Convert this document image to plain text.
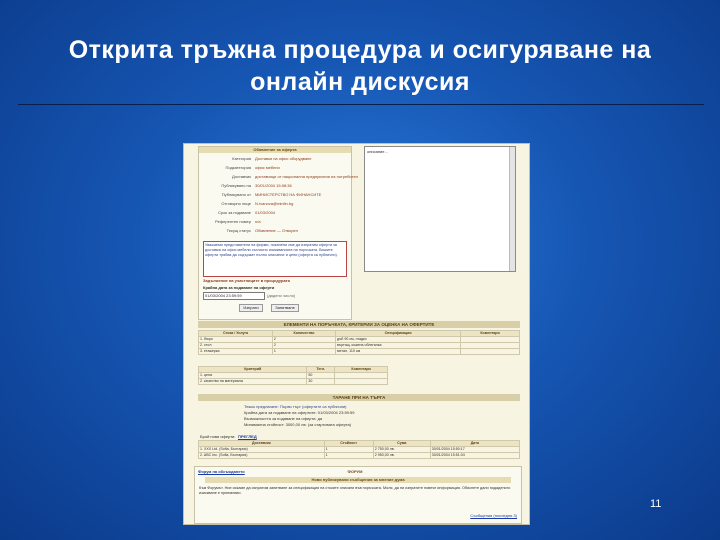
Открита тръжна процедура и осигуряване на
онлайн дискусия
Обявление за оферта
Уважаеми представители на фирми, поканени сме да изпратим оферти за доставка на офис мебели съгласно изискванията на поръчката. Вашите оферти трябва да съдържат пълно описание и цени (оферта са публични).
Задължение на участниците в процедурата
Крайна дата за подаване на оферти
01/03/2004 23:59:59	(дадено число)
Изпрати	Запитване
Категория Доставки на офис оборудване
Подкатегория офис мебели
Доставчик доставчици от национална предприятия на потребител
Публикувано на 30/01/2004 15:08:36
Публикувано от МИНИСТЕРСТВО НА ФИНАНСИТЕ
Отговорно лице N.Ivanova@minfin.bg
Срок за подаване 01/03/2004
Референтен номер n/a
Текущ статус Обявление — Отворен
описание...
ЕЛЕМЕНТИ НА ПОРЪЧКАТА, КРИТЕРИИ ЗА ОЦЕНКА НА ОФЕРТИТЕ
Стока / Услуга	Количество	Спецификации	Коментари
1. бюро	2	дъб 90 см, гладко	
2. стол	2	въртящ, кожена облегалка	
3. етажерка	1	метал, 110 см	
Критерий	Тегл.	Коментари
1. цена	50	
2. качество на материала	30	
ТАРАНЕ ПРИ НА ТЪРГА
Брой нови оферти: ПРЕГЛЕД
Доставчик	Стойност	Сума	Дата
1. ХХХ Ltd. (Sofia, България)	1	2 750,00 лв.	30/01/2004 15:50:17
2. ABC Inc. (Sofia, България)	1	2 950,00 лв.	30/01/2004 15:51:04
Форум на обсъждането	ФОРУМ
Нови публикувани съобщения за мнение дума
Към Форумът. Ние искаме да изпратим запитване за спецификация на стоките описани във поръчката. Моля, да ни изпратите повече информация. Обяснете дали подаденото изискване е приемливо.
Съобщения (последни 3)
Тежко предлагане: Първо търг (офертите са публични)
Крайна дата за подаване на офертите: 01/03/2004 23:59:59
Възможността за подаване на оферти: да
Минимална стойност: 3000,00 лв. (за стартовата оферта)
11
